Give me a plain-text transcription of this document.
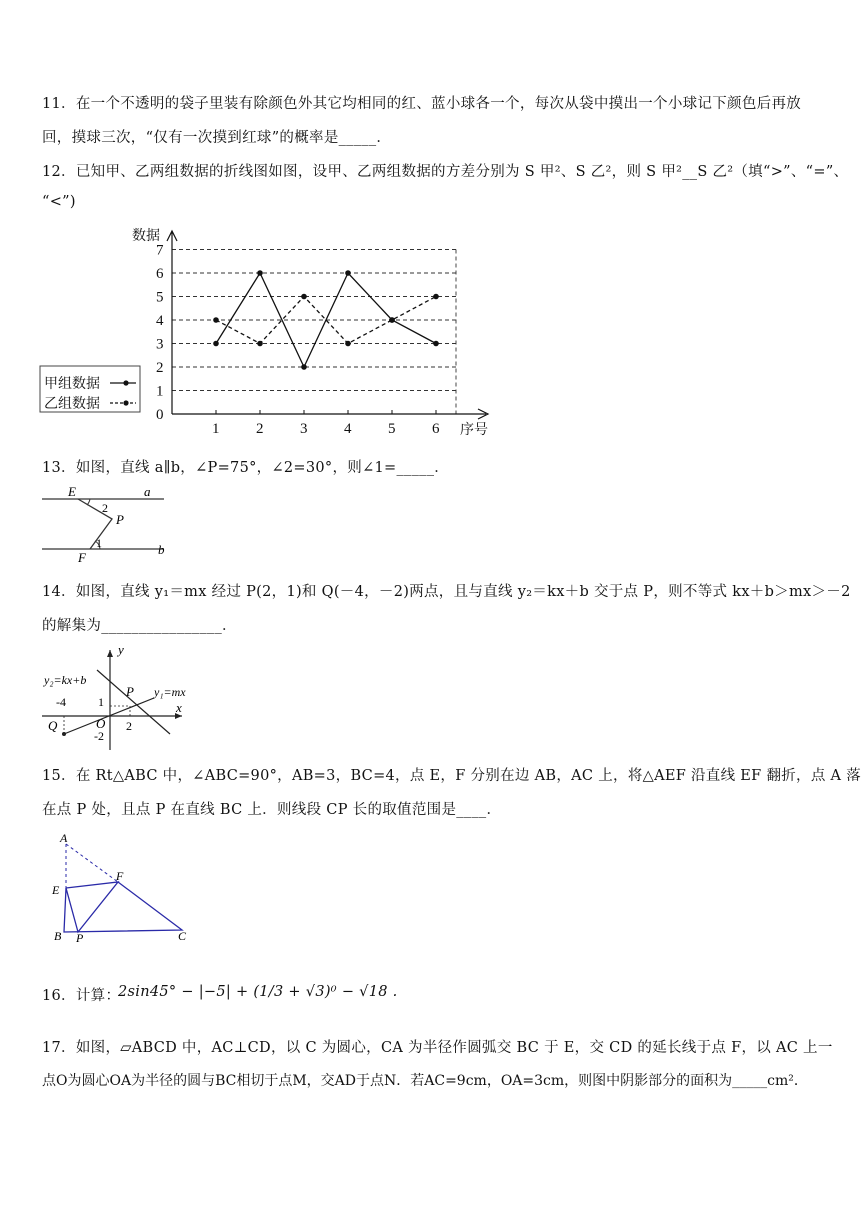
11．在一个不透明的袋子里装有除颜色外其它均相同的红、蓝小球各一个，每次从袋中摸出一个小球记下颜色后再放
回，摸球三次，“仅有一次摸到红球”的概率是_____．
12．已知甲、乙两组数据的折线图如图，设甲、乙两组数据的方差分别为 S 甲²、S 乙²，则 S 甲²__S 乙²（填“>”、“=”、
“<”)
0
1
2
3
4
5
6
7
1 2 3 4 5 6
数据
序号
甲组数据
乙组数据
13．如图，直线 a∥b，∠P=75°，∠2=30°，则∠1=_____．
E	a
2
P
1
F
b
14．如图，直线 y₁＝mx 经过 P(2，1)和 Q(－4，－2)两点，且与直线 y₂＝kx＋b 交于点 P，则不等式 kx＋b＞mx＞－2
的解集为________________．
y
x
y₂=kx+b
y₁=mx
P
Q	O
-4	1
2
-2
15．在 Rt△ABC 中，∠ABC=90°，AB=3，BC=4，点 E，F 分别在边 AB，AC 上，将△AEF 沿直线 EF 翻折，点 A 落
在点 P 处，且点 P 在直线 BC 上．则线段 CP 长的取值范围是____．
A
E
F
B P	C
16．计算：
2sin45° − |−5| + (1/3 + √3)⁰ − √18 .
17．如图，▱ABCD 中，AC⊥CD，以 C 为圆心，CA 为半径作圆弧交 BC 于 E，交 CD 的延长线于点 F，以 AC 上一
点O为圆心OA为半径的圆与BC相切于点M，交AD于点N．若AC=9cm，OA=3cm，则图中阴影部分的面积为_____cm²．
